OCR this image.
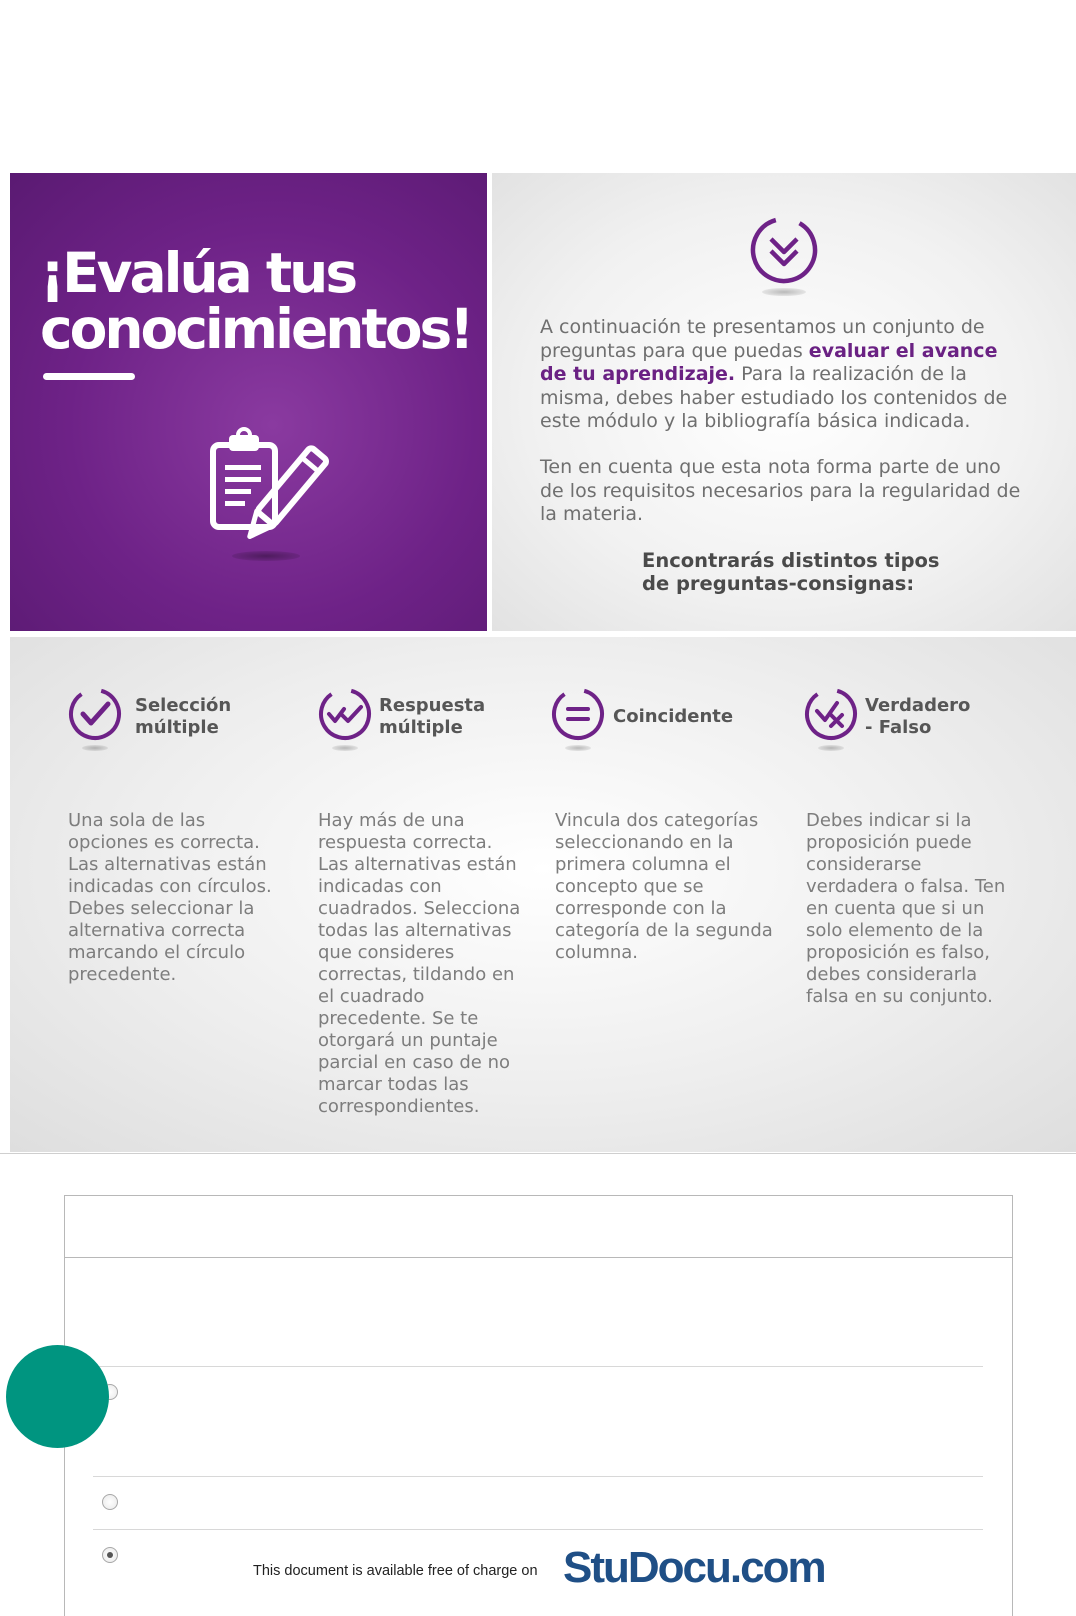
¡Evalúa tus
conocimientos!	A continuación te presentamos un conjunto de preguntas para que puedas evaluar el avance de tu aprendizaje. Para la realización de la misma, debes haber estudiado los contenidos de este módulo y la bibliografía básica indicada.
Ten en cuenta que esta nota forma parte de uno de los requisitos necesarios para la regularidad de la materia.
Encontrarás distintos tipos
de preguntas-consignas:
Selección
múltiple
Una sola de las opciones es correcta. Las alternativas están indicadas con círculos. Debes seleccionar la alternativa correcta marcando el círculo precedente.
Respuesta
múltiple
Hay más de una respuesta correcta. Las alternativas están indicadas con cuadrados. Selecciona todas las alternativas que consideres correctas, tildando en el cuadrado precedente. Se te otorgará un puntaje parcial en caso de no marcar todas las correspondientes.
Coincidente
Vincula dos categorías seleccionando en la primera columna el concepto que se corresponde con la categoría de la segunda columna.
Verdadero
- Falso
Debes indicar si la proposición puede considerarse verdadera o falsa. Ten en cuenta que si un solo elemento de la proposición es falso, debes considerarla falsa en su conjunto.
This document is available free of charge on StuDocu.com
